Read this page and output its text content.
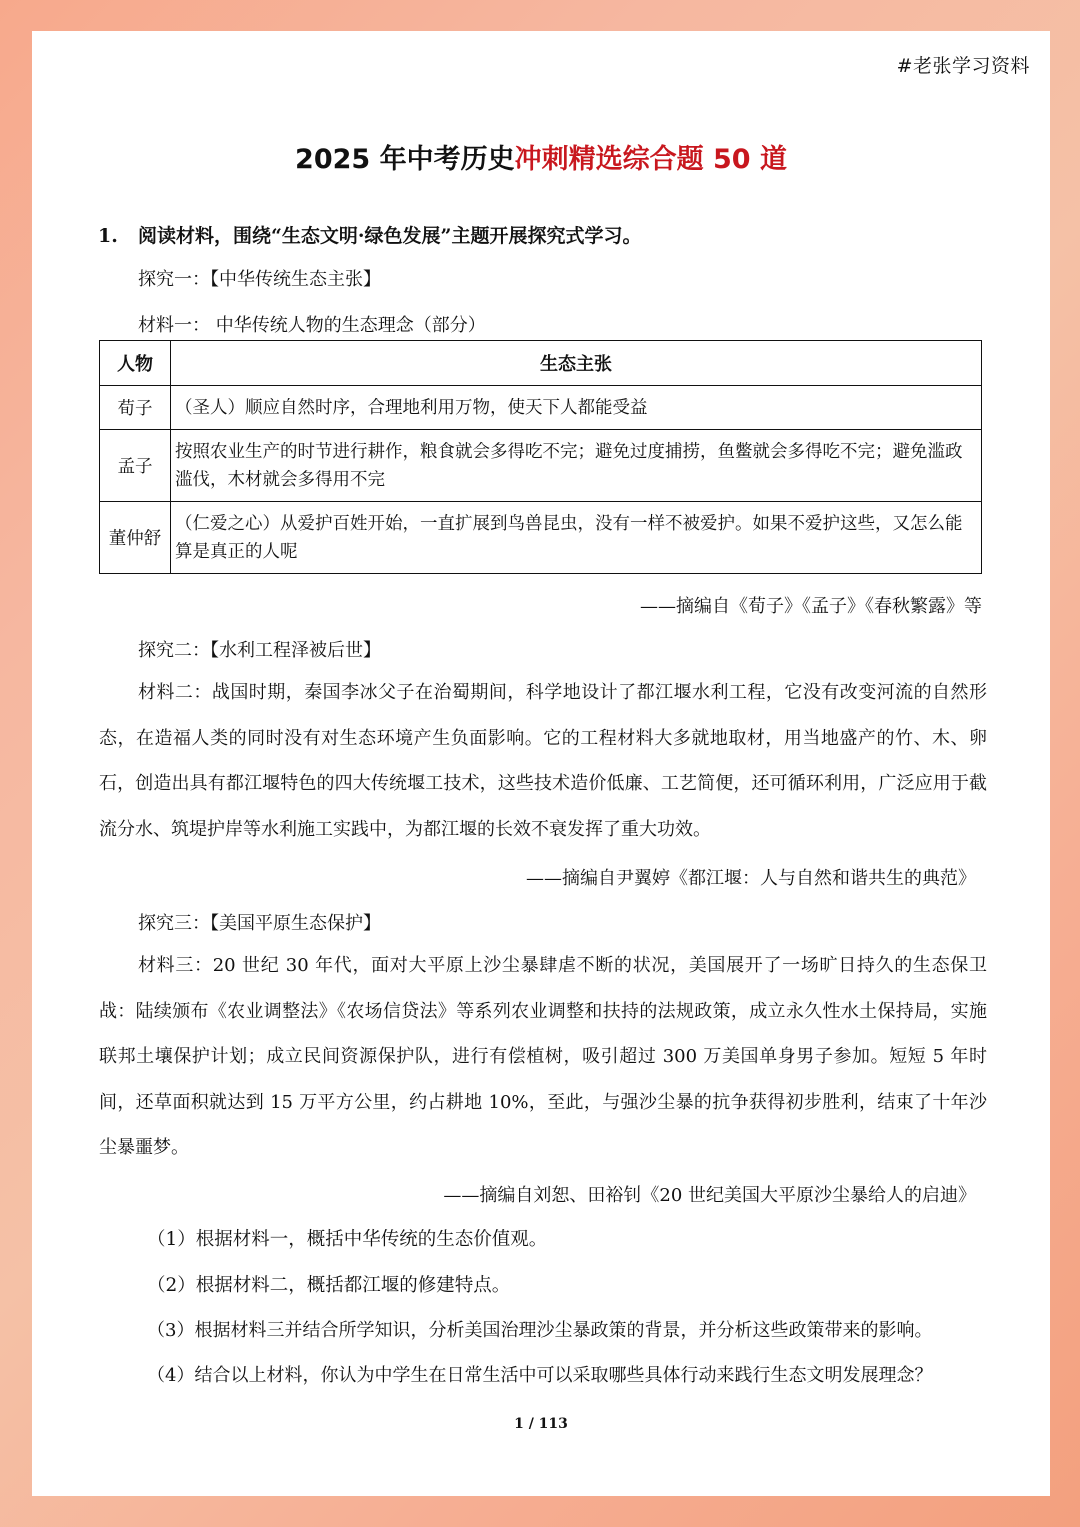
#老张学习资料
2025 年中考历史冲刺精选综合题 50 道
1. 阅读材料，围绕“生态文明·绿色发展”主题开展探究式学习。
探究一：【中华传统生态主张】
材料一： 中华传统人物的生态理念（部分）
人物	生态主张
荀子	（圣人）顺应自然时序，合理地利用万物，使天下人都能受益
孟子	按照农业生产的时节进行耕作，粮食就会多得吃不完；避免过度捕捞，鱼鳖就会多得吃不完；避免滥政滥伐，木材就会多得用不完
董仲舒	（仁爱之心）从爱护百姓开始，一直扩展到鸟兽昆虫，没有一样不被爱护。如果不爱护这些，又怎么能算是真正的人呢
——摘编自《荀子》《孟子》《春秋繁露》等
探究二：【水利工程泽被后世】
材料二：战国时期，秦国李冰父子在治蜀期间，科学地设计了都江堰水利工程，它没有改变河流的自然形态，在造福人类的同时没有对生态环境产生负面影响。它的工程材料大多就地取材，用当地盛产的竹、木、卵石，创造出具有都江堰特色的四大传统堰工技术，这些技术造价低廉、工艺简便，还可循环利用，广泛应用于截流分水、筑堤护岸等水利施工实践中，为都江堰的长效不衰发挥了重大功效。
——摘编自尹翼婷《都江堰：人与自然和谐共生的典范》
探究三：【美国平原生态保护】
材料三：20 世纪 30 年代，面对大平原上沙尘暴肆虐不断的状况，美国展开了一场旷日持久的生态保卫战：陆续颁布《农业调整法》《农场信贷法》等系列农业调整和扶持的法规政策，成立永久性水土保持局，实施联邦土壤保护计划；成立民间资源保护队，进行有偿植树，吸引超过 300 万美国单身男子参加。短短 5 年时间，还草面积就达到 15 万平方公里，约占耕地 10%，至此，与强沙尘暴的抗争获得初步胜利，结束了十年沙尘暴噩梦。
——摘编自刘恕、田裕钊《20 世纪美国大平原沙尘暴给人的启迪》
（1）根据材料一，概括中华传统的生态价值观。
（2）根据材料二，概括都江堰的修建特点。
（3）根据材料三并结合所学知识，分析美国治理沙尘暴政策的背景，并分析这些政策带来的影响。
（4）结合以上材料，你认为中学生在日常生活中可以采取哪些具体行动来践行生态文明发展理念？
1 / 113
